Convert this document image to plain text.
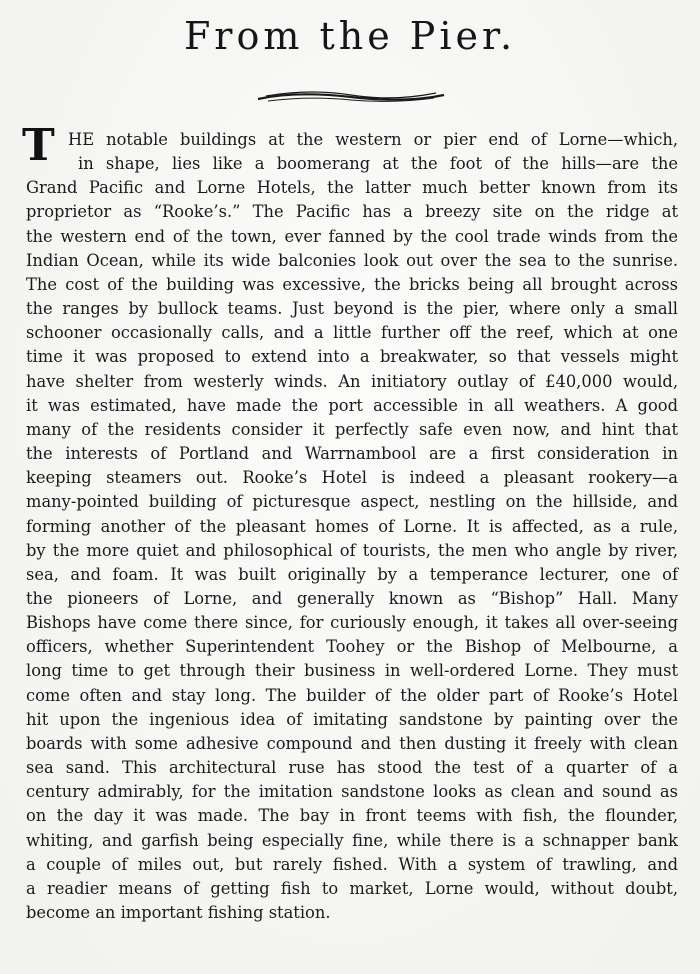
From the Pier.
T HE notable buildings at the western or pier end of Lorne—which,
in shape, lies like a boomerang at the foot of the hills—are the
Grand Pacific and Lorne Hotels, the latter much better known from its
proprietor as “Rooke’s.” The Pacific has a breezy site on the ridge at
the western end of the town, ever fanned by the cool trade winds from the
Indian Ocean, while its wide balconies look out over the sea to the sunrise.
The cost of the building was excessive, the bricks being all brought across
the ranges by bullock teams. Just beyond is the pier, where only a small
schooner occasionally calls, and a little further off the reef, which at one
time it was proposed to extend into a breakwater, so that vessels might
have shelter from westerly winds. An initiatory outlay of £40,000 would,
it was estimated, have made the port accessible in all weathers. A good
many of the residents consider it perfectly safe even now, and hint that
the interests of Portland and Warrnambool are a first consideration in
keeping steamers out. Rooke’s Hotel is indeed a pleasant rookery—a
many-pointed building of picturesque aspect, nestling on the hillside, and
forming another of the pleasant homes of Lorne. It is affected, as a rule,
by the more quiet and philosophical of tourists, the men who angle by river,
sea, and foam. It was built originally by a temperance lecturer, one of
the pioneers of Lorne, and generally known as “Bishop” Hall. Many
Bishops have come there since, for curiously enough, it takes all over-seeing
officers, whether Superintendent Toohey or the Bishop of Melbourne, a
long time to get through their business in well-ordered Lorne. They must
come often and stay long. The builder of the older part of Rooke’s Hotel
hit upon the ingenious idea of imitating sandstone by painting over the
boards with some adhesive compound and then dusting it freely with clean
sea sand. This architectural ruse has stood the test of a quarter of a
century admirably, for the imitation sandstone looks as clean and sound as
on the day it was made. The bay in front teems with fish, the flounder,
whiting, and garfish being especially fine, while there is a schnapper bank
a couple of miles out, but rarely fished. With a system of trawling, and
a readier means of getting fish to market, Lorne would, without doubt,
become an important fishing station.
